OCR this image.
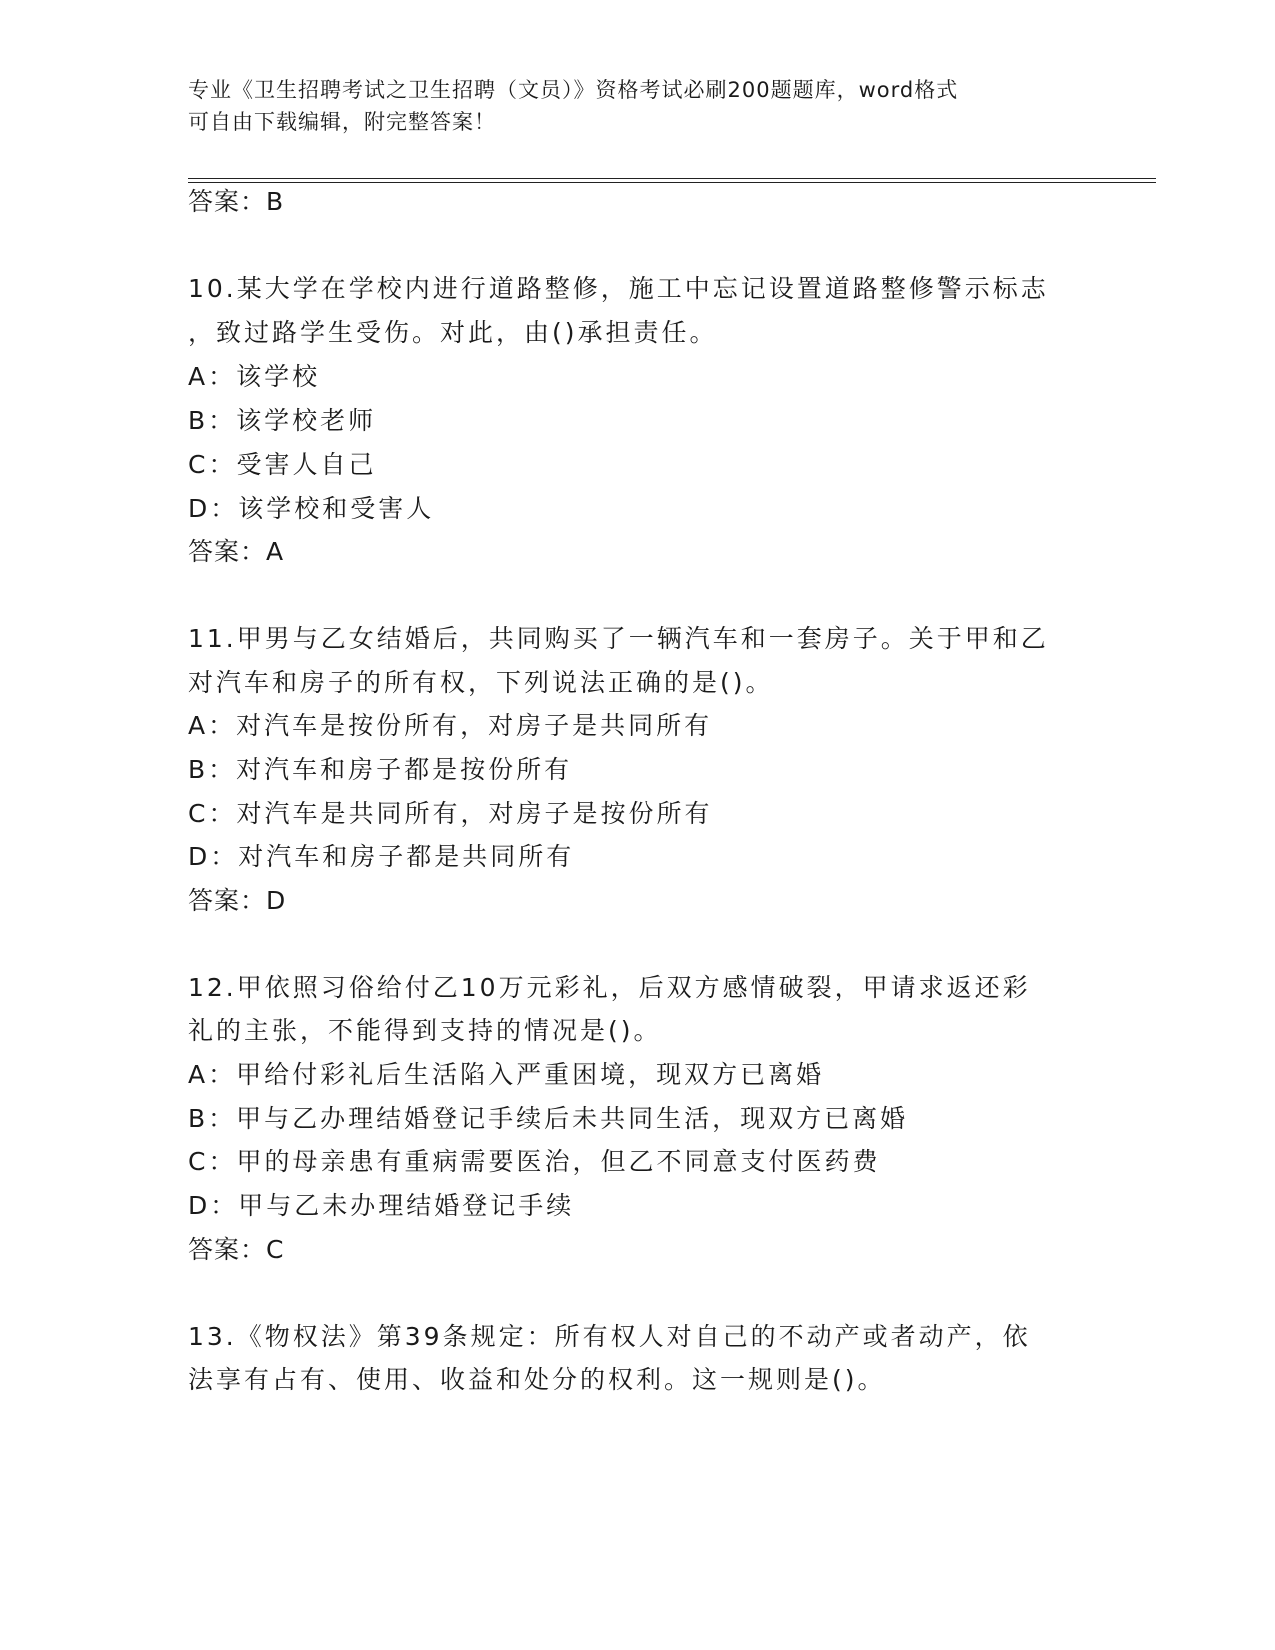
专业《卫生招聘考试之卫生招聘（文员）》资格考试必刷200题题库，word格式
可自由下载编辑，附完整答案！
答案：B
10.某大学在学校内进行道路整修，施工中忘记设置道路整修警示标志
，致过路学生受伤。对此，由()承担责任。
A：该学校
B：该学校老师
C：受害人自己
D：该学校和受害人
答案：A
11.甲男与乙女结婚后，共同购买了一辆汽车和一套房子。关于甲和乙
对汽车和房子的所有权，下列说法正确的是()。
A：对汽车是按份所有，对房子是共同所有
B：对汽车和房子都是按份所有
C：对汽车是共同所有，对房子是按份所有
D：对汽车和房子都是共同所有
答案：D
12.甲依照习俗给付乙10万元彩礼，后双方感情破裂，甲请求返还彩
礼的主张，不能得到支持的情况是()。
A：甲给付彩礼后生活陷入严重困境，现双方已离婚
B：甲与乙办理结婚登记手续后未共同生活，现双方已离婚
C：甲的母亲患有重病需要医治，但乙不同意支付医药费
D：甲与乙未办理结婚登记手续
答案：C
13.《物权法》第39条规定：所有权人对自己的不动产或者动产，依
法享有占有、使用、收益和处分的权利。这一规则是()。
